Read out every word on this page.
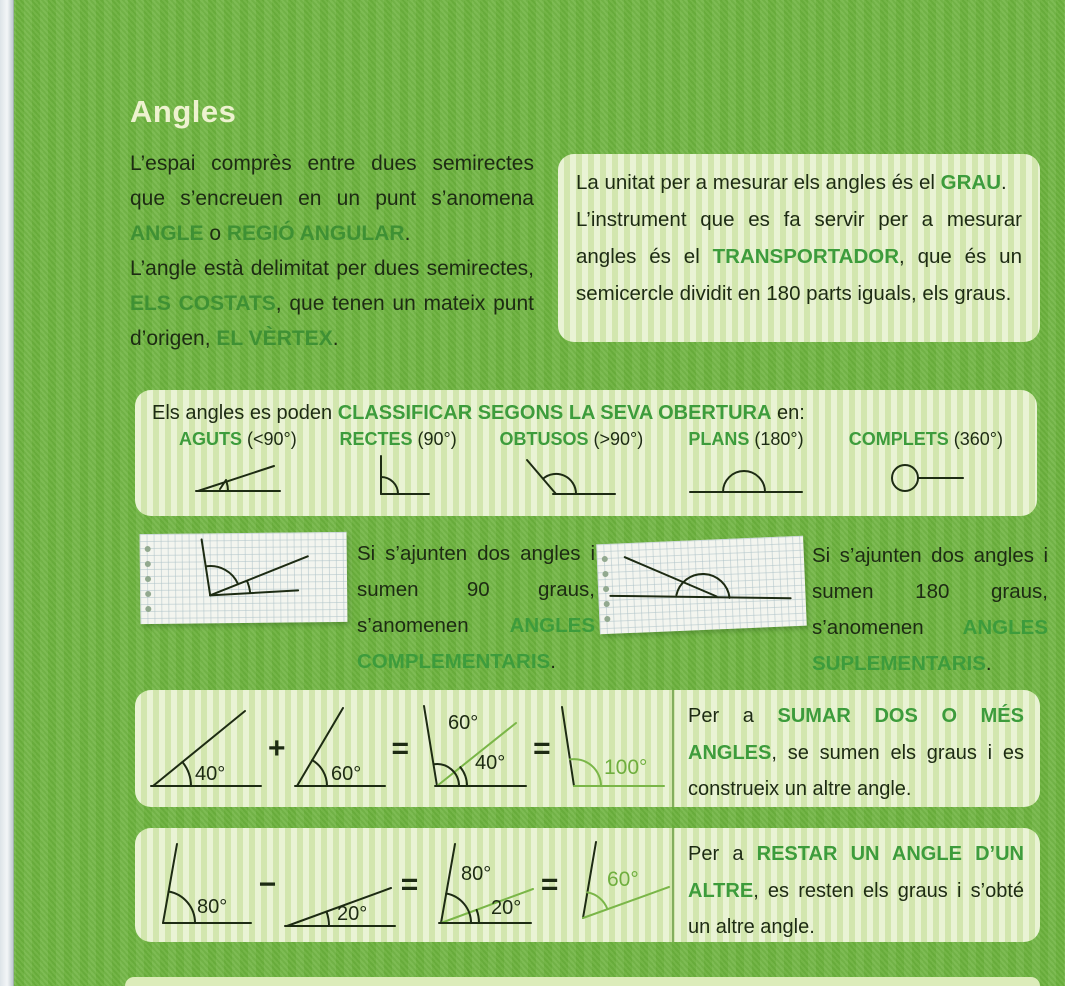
Angles

L’espai comprès entre dues semirectes que s’encreuen en un punt s’anomena ANGLE o REGIÓ ANGULAR.

L’angle està delimitat per dues semirectes, ELS COSTATS, que tenen un mateix punt d’origen, EL VÈRTEX.

La unitat per a mesurar els angles és el GRAU.

L’instrument que es fa servir per a mesurar angles és el TRANSPORTADOR, que és un semicercle dividit en 180 parts iguals, els graus.

Els angles es poden CLASSIFICAR SEGONS LA SEVA OBERTURA en:

AGUTS (<90°) RECTES (90°) OBTUSOS (>90°)	PLANS (180°)	COMPLETS (360°)
Si s’ajunten dos angles i sumen 90 graus, s’anomenen ANGLES COMPLEMENTARIS.
Si s’ajunten dos angles i sumen 180 graus, s’anomenen ANGLES SUPLEMENTARIS.
40°
+
60°
=
60°
40° =
100°

Per a SUMAR DOS O MÉS ANGLES, se sumen els graus i es construeix un altre angle.

80°
−
20°
= 80°
20°
= 60°

Per a RESTAR UN ANGLE D’UN ALTRE, es resten els graus i s’obté un altre angle.
